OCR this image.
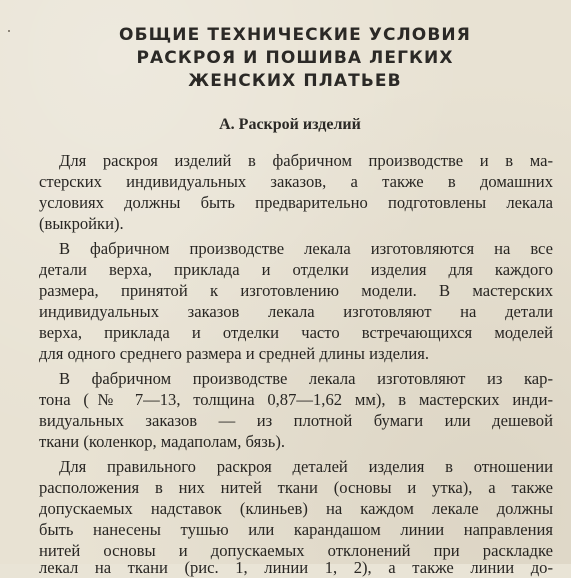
ОБЩИЕ ТЕХНИЧЕСКИЕ УСЛОВИЯ
РАСКРОЯ И ПОШИВА ЛЕГКИХ
ЖЕНСКИХ ПЛАТЬЕВ
А. Раскрой изделий
Для раскроя изделий в фабричном производстве и в ма-
стерских индивидуальных заказов, а также в домашних
условиях должны быть предварительно подготовлены лекала
(выкройки).
В фабричном производстве лекала изготовляются на все
детали верха, приклада и отделки изделия для каждого
размера, принятой к изготовлению модели. В мастерских
индивидуальных заказов лекала изготовляют на детали
верха, приклада и отделки часто встречающихся моделей
для одного среднего размера и средней длины изделия.
В фабричном производстве лекала изготовляют из кар-
тона (№ 7—13, толщина 0,87—1,62 мм), в мастерских инди-
видуальных заказов — из плотной бумаги или дешевой
ткани (коленкор, мадаполам, бязь).
Для правильного раскроя деталей изделия в отношении
расположения в них нитей ткани (основы и утка), а также
допускаемых надставок (клиньев) на каждом лекале должны
быть нанесены тушью или карандашом линии направления
нитей основы и допускаемых отклонений при раскладке
лекал на ткани (рис. 1, линии 1, 2), а также линии до-
